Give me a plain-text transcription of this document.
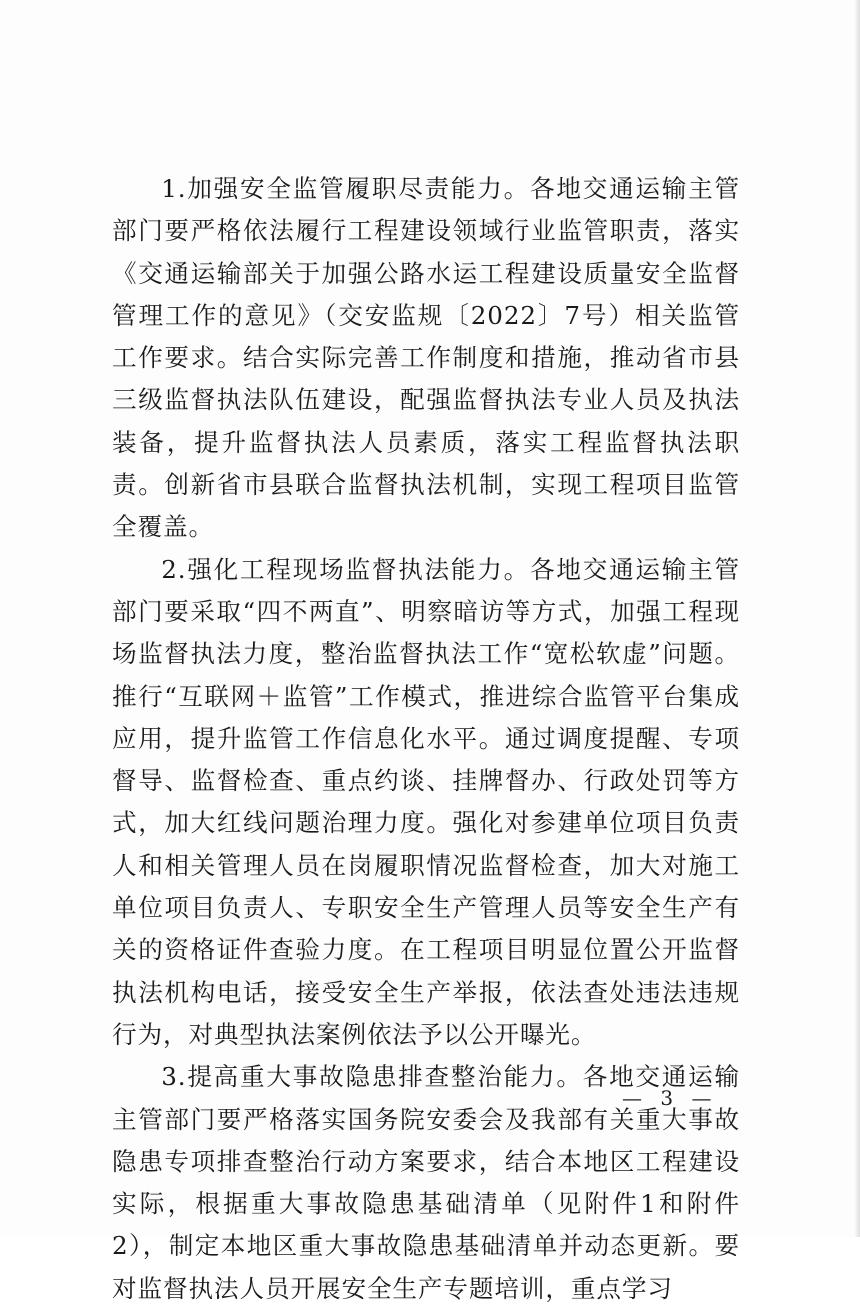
1.加强安全监管履职尽责能力。各地交通运输主管部门要严格依法履行工程建设领域行业监管职责，落实《交通运输部关于加强公路水运工程建设质量安全监督管理工作的意见》（交安监规〔2022〕7号）相关监管工作要求。结合实际完善工作制度和措施，推动省市县三级监督执法队伍建设，配强监督执法专业人员及执法装备，提升监督执法人员素质，落实工程监督执法职责。创新省市县联合监督执法机制，实现工程项目监管全覆盖。

2.强化工程现场监督执法能力。各地交通运输主管部门要采取“四不两直”、明察暗访等方式，加强工程现场监督执法力度，整治监督执法工作“宽松软虚”问题。推行“互联网＋监管”工作模式，推进综合监管平台集成应用，提升监管工作信息化水平。通过调度提醒、专项督导、监督检查、重点约谈、挂牌督办、行政处罚等方式，加大红线问题治理力度。强化对参建单位项目负责人和相关管理人员在岗履职情况监督检查，加大对施工单位项目负责人、专职安全生产管理人员等安全生产有关的资格证件查验力度。在工程项目明显位置公开监督执法机构电话，接受安全生产举报，依法查处违法违规行为，对典型执法案例依法予以公开曝光。

3.提高重大事故隐患排查整治能力。各地交通运输主管部门要严格落实国务院安委会及我部有关重大事故隐患专项排查整治行动方案要求，结合本地区工程建设实际，根据重大事故隐患基础清单（见附件1和附件2），制定本地区重大事故隐患基础清单并动态更新。要对监督执法人员开展安全生产专题培训，重点学习

— 3 —
